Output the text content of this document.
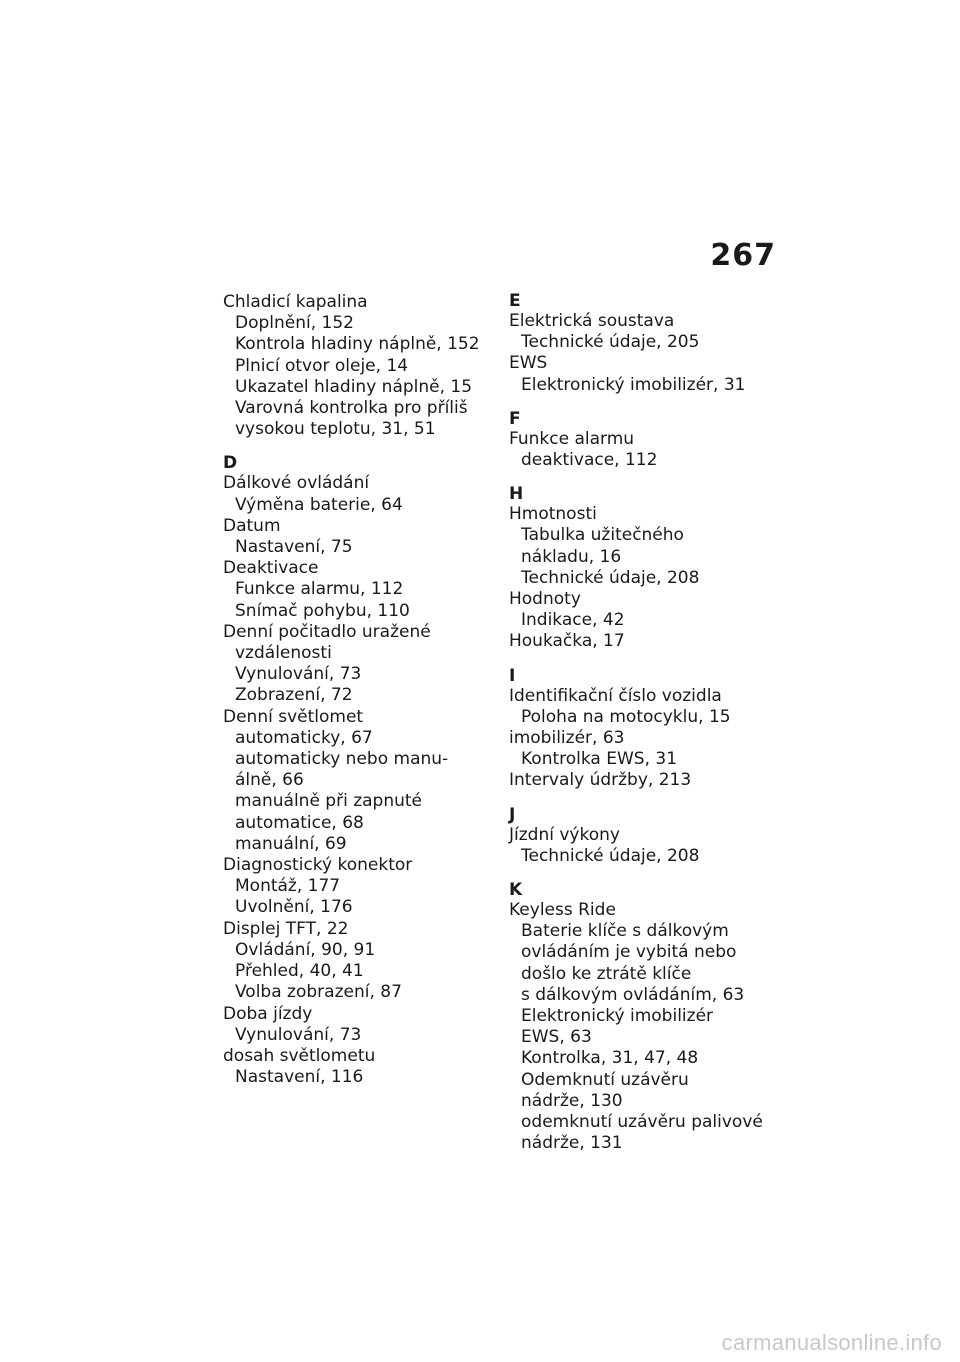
267
Chladicí kapalina
Doplnění, 152
Kontrola hladiny náplně, 152
Plnicí otvor oleje, 14
Ukazatel hladiny náplně, 15
Varovná kontrolka pro příliš
vysokou teplotu, 31, 51
D
Dálkové ovládání
Výměna baterie, 64
Datum
Nastavení, 75
Deaktivace
Funkce alarmu, 112
Snímač pohybu, 110
Denní počitadlo uražené
vzdálenosti
Vynulování, 73
Zobrazení, 72
Denní světlomet
automaticky, 67
automaticky nebo manu-
álně, 66
manuálně při zapnuté
automatice, 68
manuální, 69
Diagnostický konektor
Montáž, 177
Uvolnění, 176
Displej TFT, 22
Ovládání, 90, 91
Přehled, 40, 41
Volba zobrazení, 87
Doba jízdy
Vynulování, 73
dosah světlometu
Nastavení, 116
E
Elektrická soustava
Technické údaje, 205
EWS
Elektronický imobilizér, 31
F
Funkce alarmu
deaktivace, 112
H
Hmotnosti
Tabulka užitečného
nákladu, 16
Technické údaje, 208
Hodnoty
Indikace, 42
Houkačka, 17
I
Identifikační číslo vozidla
Poloha na motocyklu, 15
imobilizér, 63
Kontrolka EWS, 31
Intervaly údržby, 213
J
Jízdní výkony
Technické údaje, 208
K
Keyless Ride
Baterie klíče s dálkovým
ovládáním je vybitá nebo
došlo ke ztrátě klíče
s dálkovým ovládáním, 63
Elektronický imobilizér
EWS, 63
Kontrolka, 31, 47, 48
Odemknutí uzávěru
nádrže, 130
odemknutí uzávěru palivové
nádrže, 131
carmanualsonline.info
